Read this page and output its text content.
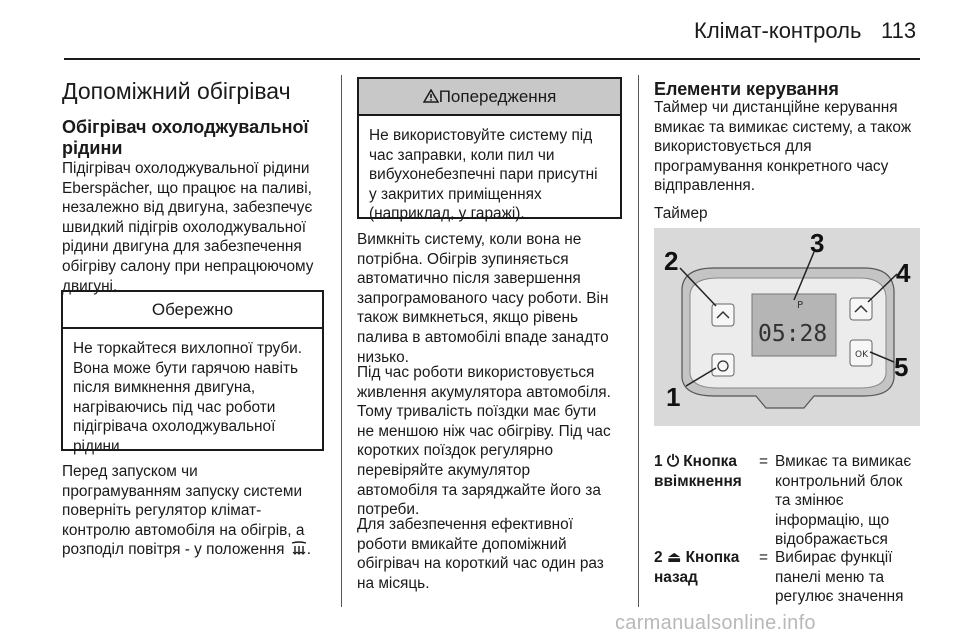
Клімат-контроль 113
Допоміжний обігрівач
Обігрівач охолоджувальної
рідини
Підігрівач охолоджувальної рідини
Eberspächer, що працює на паливі,
незалежно від двигуна, забезпечує
швидкий підігрів охолоджувальної
рідини двигуна для забезпечення
обігріву салону при непрацюючому
двигуні.
Обережно
Не торкайтеся вихлопної труби.
Вона може бути гарячою навіть
після вимкнення двигуна,
нагріваючись під час роботи
підігрівача охолоджувальної
рідини.
Перед запуском чи
програмуванням запуску системи
поверніть регулятор клімат-
контролю автомобіля на обігрів, а
розподіл повітря - у положення .
Попередження
Не використовуйте систему під
час заправки, коли пил чи
вибухонебезпечні пари присутні
у закритих приміщеннях
(наприклад, у гаражі).
Вимкніть систему, коли вона не
потрібна. Обігрів зупиняється
автоматично після завершення
запрограмованого часу роботи. Він
також вимкнеться, якщо рівень
палива в автомобілі впаде занадто
низько.
Під час роботи використовується
живлення акумулятора автомобіля.
Тому тривалість поїздки має бути
не меншою ніж час обігріву. Під час
коротких поїздок регулярно
перевіряйте акумулятор
автомобіля та заряджайте його за
потреби.
Для забезпечення ефективної
роботи вмикайте допоміжний
обігрівач на короткий час один раз
на місяць.
Елементи керування
Таймер чи дистанційне керування
вмикає та вимикає систему, а також
використовується для
програмування конкретного часу
відправлення.
Таймер
P
05:28
OK
1
2
3
4
5
1 ⏻ Кнопка
ввімкнення
= Вмикає та вимикає
контрольний блок
та змінює
інформацію, що
відображається
2 ⏏ Кнопка
назад
= Вибирає функції
панелі меню та
регулює значення
carmanualsonline.info
